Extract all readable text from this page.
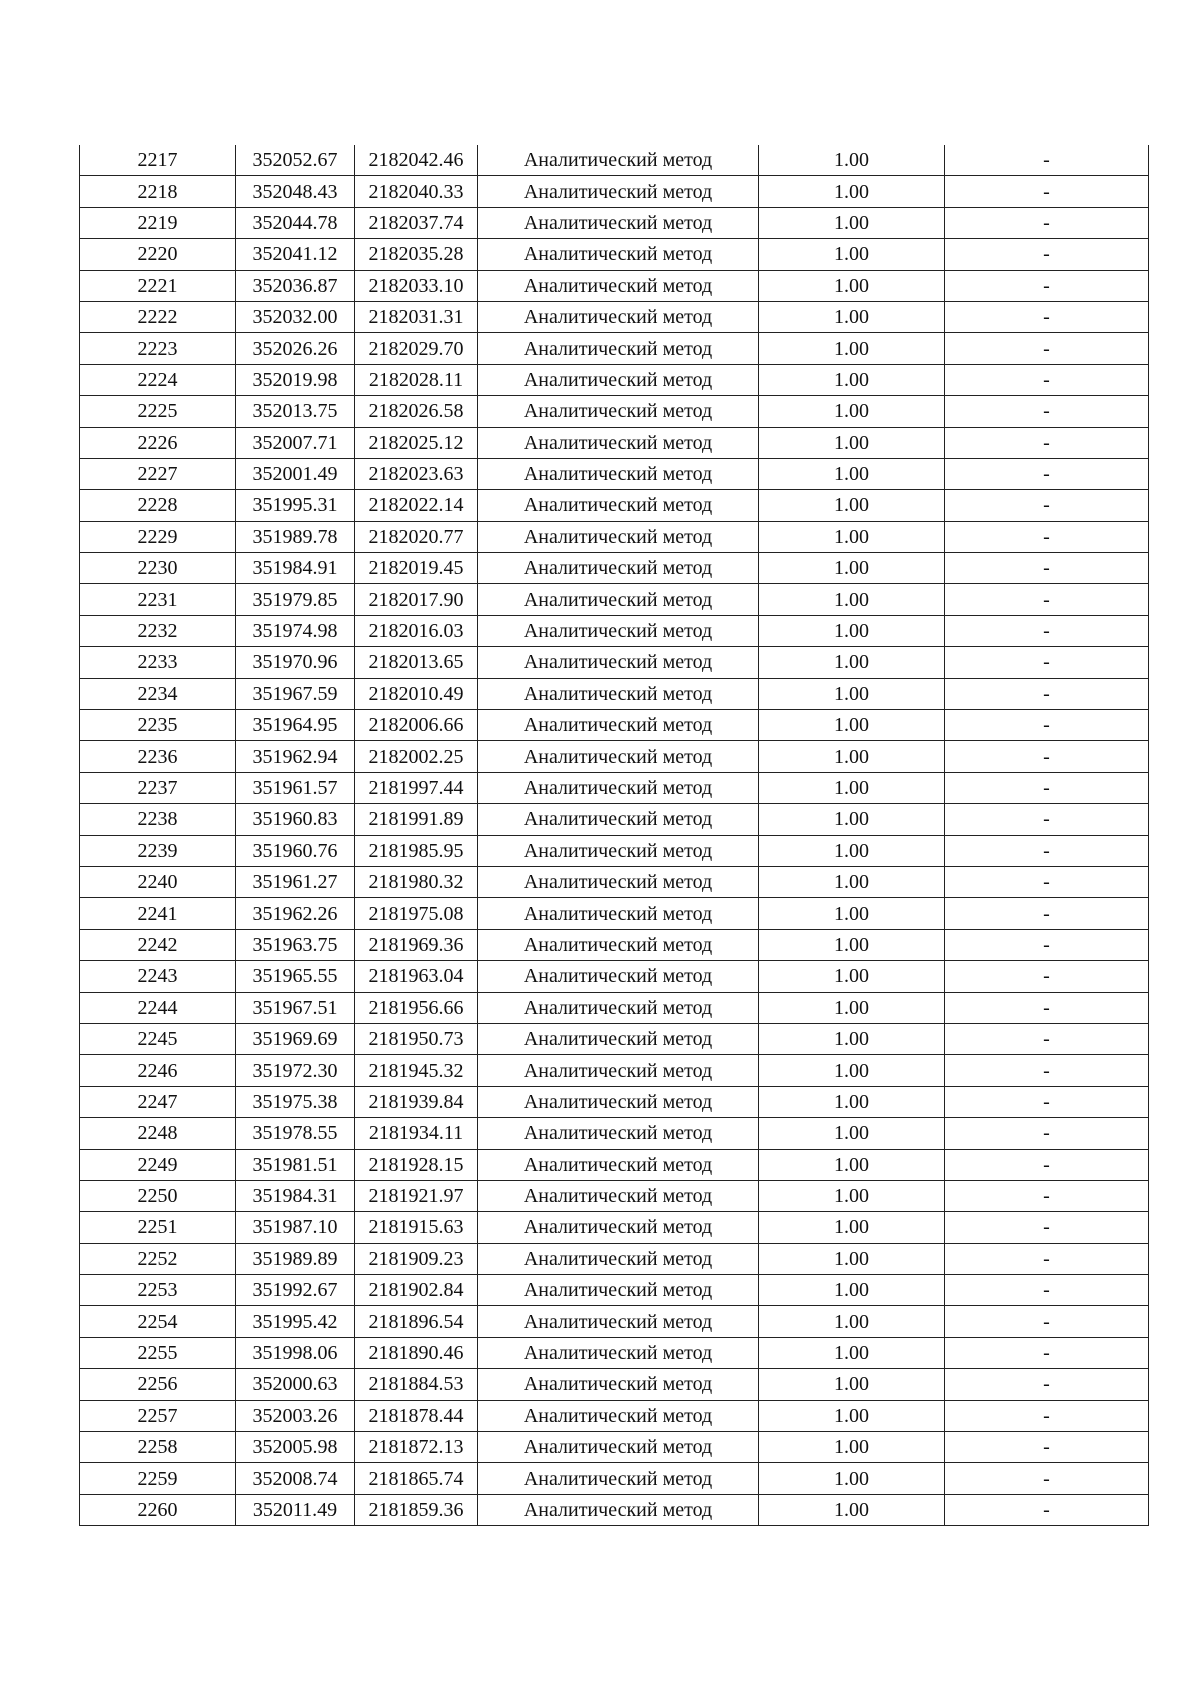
2217	352052.67	2182042.46	Аналитический метод	1.00	-
2218	352048.43	2182040.33	Аналитический метод	1.00	-
2219	352044.78	2182037.74	Аналитический метод	1.00	-
2220	352041.12	2182035.28	Аналитический метод	1.00	-
2221	352036.87	2182033.10	Аналитический метод	1.00	-
2222	352032.00	2182031.31	Аналитический метод	1.00	-
2223	352026.26	2182029.70	Аналитический метод	1.00	-
2224	352019.98	2182028.11	Аналитический метод	1.00	-
2225	352013.75	2182026.58	Аналитический метод	1.00	-
2226	352007.71	2182025.12	Аналитический метод	1.00	-
2227	352001.49	2182023.63	Аналитический метод	1.00	-
2228	351995.31	2182022.14	Аналитический метод	1.00	-
2229	351989.78	2182020.77	Аналитический метод	1.00	-
2230	351984.91	2182019.45	Аналитический метод	1.00	-
2231	351979.85	2182017.90	Аналитический метод	1.00	-
2232	351974.98	2182016.03	Аналитический метод	1.00	-
2233	351970.96	2182013.65	Аналитический метод	1.00	-
2234	351967.59	2182010.49	Аналитический метод	1.00	-
2235	351964.95	2182006.66	Аналитический метод	1.00	-
2236	351962.94	2182002.25	Аналитический метод	1.00	-
2237	351961.57	2181997.44	Аналитический метод	1.00	-
2238	351960.83	2181991.89	Аналитический метод	1.00	-
2239	351960.76	2181985.95	Аналитический метод	1.00	-
2240	351961.27	2181980.32	Аналитический метод	1.00	-
2241	351962.26	2181975.08	Аналитический метод	1.00	-
2242	351963.75	2181969.36	Аналитический метод	1.00	-
2243	351965.55	2181963.04	Аналитический метод	1.00	-
2244	351967.51	2181956.66	Аналитический метод	1.00	-
2245	351969.69	2181950.73	Аналитический метод	1.00	-
2246	351972.30	2181945.32	Аналитический метод	1.00	-
2247	351975.38	2181939.84	Аналитический метод	1.00	-
2248	351978.55	2181934.11	Аналитический метод	1.00	-
2249	351981.51	2181928.15	Аналитический метод	1.00	-
2250	351984.31	2181921.97	Аналитический метод	1.00	-
2251	351987.10	2181915.63	Аналитический метод	1.00	-
2252	351989.89	2181909.23	Аналитический метод	1.00	-
2253	351992.67	2181902.84	Аналитический метод	1.00	-
2254	351995.42	2181896.54	Аналитический метод	1.00	-
2255	351998.06	2181890.46	Аналитический метод	1.00	-
2256	352000.63	2181884.53	Аналитический метод	1.00	-
2257	352003.26	2181878.44	Аналитический метод	1.00	-
2258	352005.98	2181872.13	Аналитический метод	1.00	-
2259	352008.74	2181865.74	Аналитический метод	1.00	-
2260	352011.49	2181859.36	Аналитический метод	1.00	-
